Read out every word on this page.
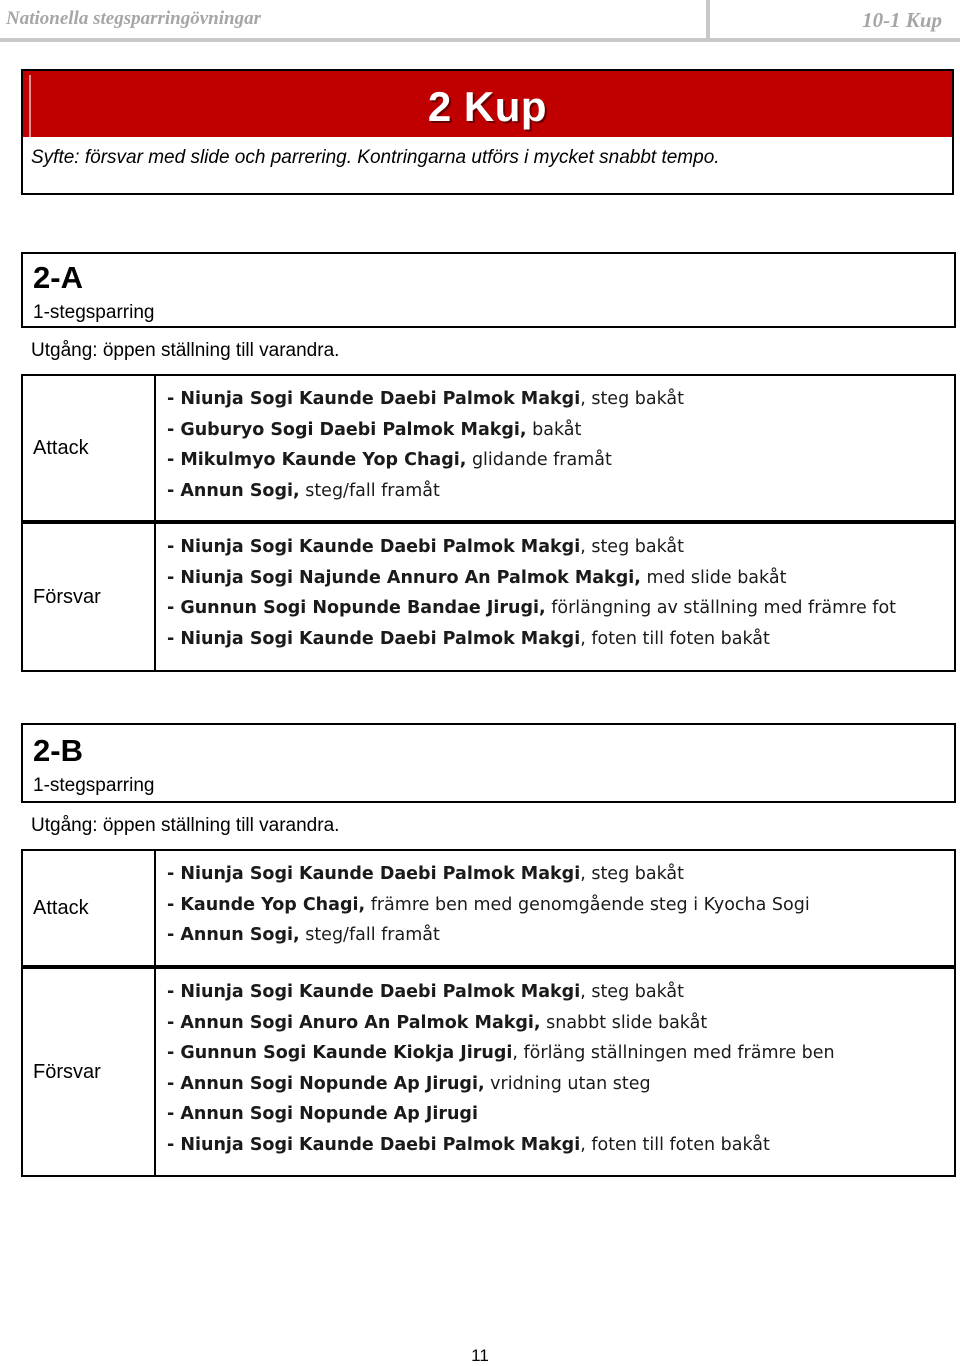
Nationella stegsparringövningar	10-1 Kup
2 Kup
Syfte: försvar med slide och parrering. Kontringarna utförs i mycket snabbt tempo.
2-A
1-stegsparring
Utgång: öppen ställning till varandra.
Attack
- Niunja Sogi Kaunde Daebi Palmok Makgi, steg bakåt
- Guburyo Sogi Daebi Palmok Makgi, bakåt
- Mikulmyo Kaunde Yop Chagi, glidande framåt
- Annun Sogi, steg/fall framåt
Försvar
- Niunja Sogi Kaunde Daebi Palmok Makgi, steg bakåt
- Niunja Sogi Najunde Annuro An Palmok Makgi, med slide bakåt
- Gunnun Sogi Nopunde Bandae Jirugi, förlängning av ställning med främre fot
- Niunja Sogi Kaunde Daebi Palmok Makgi, foten till foten bakåt
2-B
1-stegsparring
Utgång: öppen ställning till varandra.
Attack
- Niunja Sogi Kaunde Daebi Palmok Makgi, steg bakåt
- Kaunde Yop Chagi, främre ben med genomgående steg i Kyocha Sogi
- Annun Sogi, steg/fall framåt
Försvar
- Niunja Sogi Kaunde Daebi Palmok Makgi, steg bakåt
- Annun Sogi Anuro An Palmok Makgi, snabbt slide bakåt
- Gunnun Sogi Kaunde Kiokja Jirugi, förläng ställningen med främre ben
- Annun Sogi Nopunde Ap Jirugi, vridning utan steg
- Annun Sogi Nopunde Ap Jirugi
- Niunja Sogi Kaunde Daebi Palmok Makgi, foten till foten bakåt
11
